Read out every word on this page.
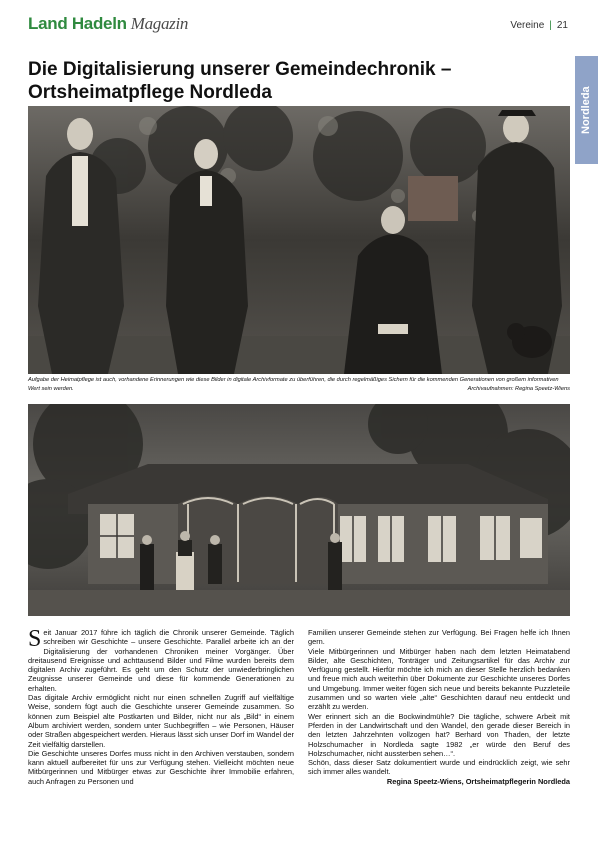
Land Hadeln Magazin	Vereine | 21
Nordleda
Die Digitalisierung unserer Gemeindechronik –
Ortsheimatpflege Nordleda
Aufgabe der Heimatpflege ist auch, vorhandene Erinnerungen wie diese Bilder in digitale Archivformate zu überführen, die durch regelmäßiges Sichern für die kommenden Generationen von großem informativen Wert sein werden.	Archivaufnahmen: Regina Speetz-Wiens

Seit Januar 2017 führe ich täglich die Chronik unserer Gemeinde. Täglich schreiben wir Geschichte – unsere Geschichte. Parallel arbeite ich an der Digitalisierung der vorhandenen Chroniken meiner Vorgänger. Über dreitausend Ereignisse und achttausend Bilder und Filme wurden bereits dem digitalen Archiv zugeführt. Es geht um den Schutz der unwiederbringlichen Zeugnisse unserer Gemeinde und diese für kommende Generationen zu erhalten.

Das digitale Archiv ermöglicht nicht nur einen schnellen Zugriff auf vielfältige Weise, sondern fügt auch die Geschichte unserer Gemeinde zusammen. So können zum Beispiel alte Postkarten und Bilder, nicht nur als „Bild“ in einem Album archiviert werden, sondern unter Suchbegriffen – wie Personen, Häuser oder Straßen abgespeichert werden. Hieraus lässt sich unser Dorf im Wandel der Zeit vielfältig darstellen.

Die Geschichte unseres Dorfes muss nicht in den Archiven verstauben, sondern kann aktuell aufbereitet für uns zur Verfügung stehen. Vielleicht möchten neue Mitbürgerinnen und Mitbürger etwas zur Geschichte ihrer Immobilie erfahren, auch Anfragen zu Personen und

Familien unserer Gemeinde stehen zur Verfügung. Bei Fragen helfe ich Ihnen gern.

Viele Mitbürgerinnen und Mitbürger haben nach dem letzten Heimatabend Bilder, alte Geschichten, Tonträger und Zeitungsartikel für das Archiv zur Verfügung gestellt. Hierfür möchte ich mich an dieser Stelle herzlich bedanken und freue mich auch weiterhin über Dokumente zur Geschichte unseres Dorfes und Umgebung. Immer weiter fügen sich neue und bereits bekannte Puzzleteile zusammen und so warten viele „alte“ Geschichten darauf neu entdeckt und erzählt zu werden.

Wer erinnert sich an die Bockwindmühle? Die tägliche, schwere Arbeit mit Pferden in der Landwirtschaft und den Wandel, den gerade dieser Bereich in den letzten Jahrzehnten vollzogen hat? Berhard von Thaden, der letzte Holzschumacher in Nordleda sagte 1982 „er würde den Beruf des Holzschumacher, nicht aussterben sehen…“.

Schön, dass dieser Satz dokumentiert wurde und eindrücklich zeigt, wie sehr sich immer alles wandelt.

Regina Speetz-Wiens, Ortsheimatpflegerin Nordleda
